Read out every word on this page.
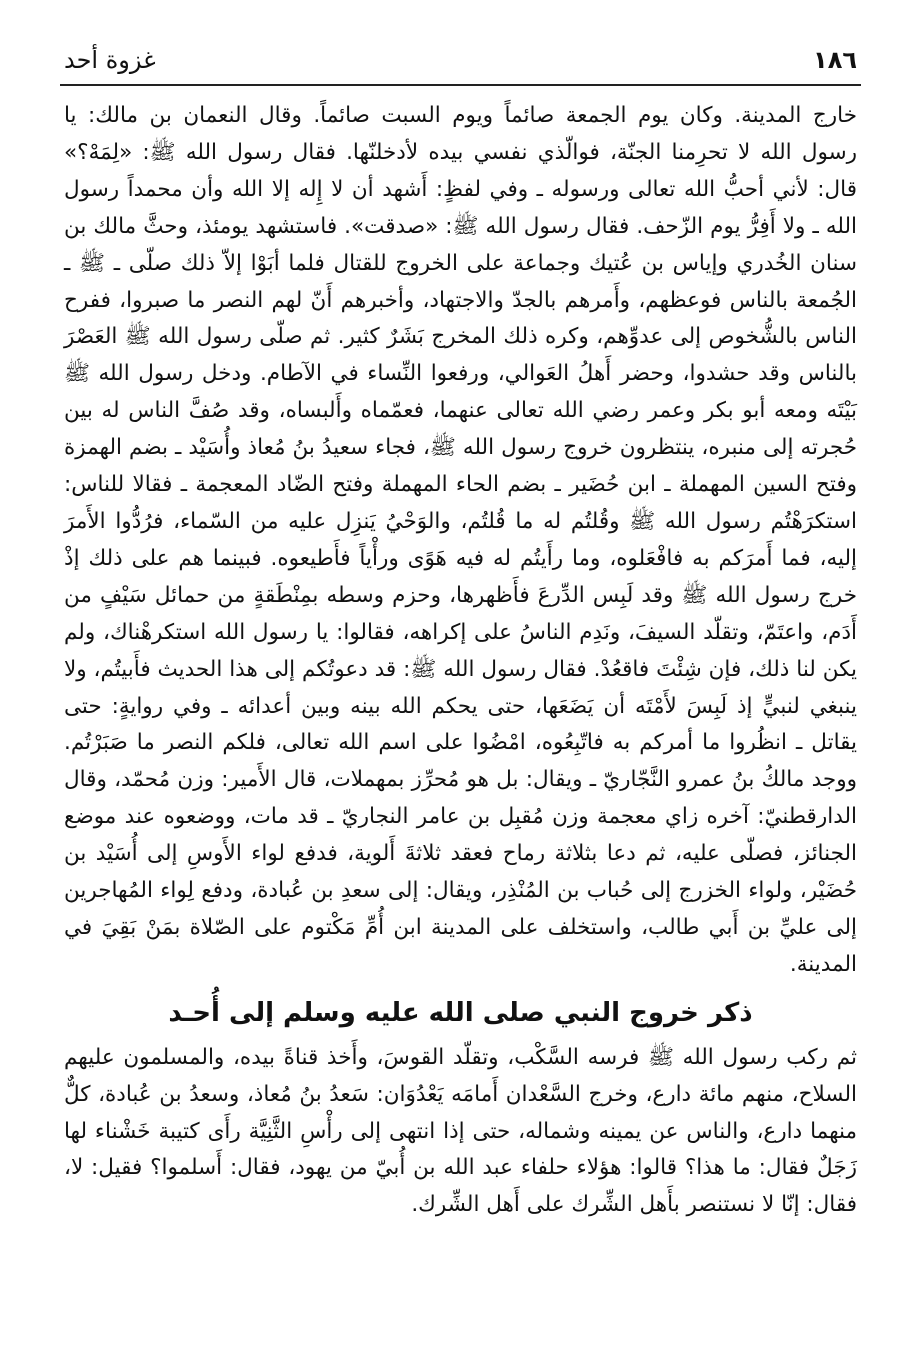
١٨٦
غزوة أحد

خارج المدينة. وكان يوم الجمعة صائماً ويوم السبت صائماً. وقال النعمان بن مالك: يا رسول الله لا تحرِمنا الجنّة، فوالّذي نفسي بيده لأدخلنّها. فقال رسول الله ﷺ: «لِمَهْ؟» قال: لأني أحبُّ الله تعالى ورسوله ـ وفي لفظٍ: أَشهد أن لا إِله إلا الله وأن محمداً رسول الله ـ ولا أَفِرُّ يوم الزّحف. فقال رسول الله ﷺ: «صدقت». فاستشهد يومئذ، وحثَّ مالك بن سنان الخُدري وإياس بن عُتيك وجماعة على الخروج للقتال فلما أبَوْا إلاّ ذلك صلّى ـ ﷺ ـ الجُمعة بالناس فوعظهم، وأَمرهم بالجدّ والاجتهاد، وأخبرهم أَنّ لهم النصر ما صبروا، ففرح الناس بالشُّخوص إلى عدوِّهم، وكره ذلك المخرج بَشَرٌ كثير. ثم صلّى رسول الله ﷺ العَصْرَ بالناس وقد حشدوا، وحضر أَهلُ العَوالي، ورفعوا النِّساء في الآطام. ودخل رسول الله ﷺ بَيْتَه ومعه أبو بكر وعمر رضي الله تعالى عنهما، فعمّماه وأَلبساه، وقد صُفَّ الناس له بين حُجرته إلى منبره، ينتظرون خروج رسول الله ﷺ، فجاء سعيدُ بنُ مُعاذ وأُسَيْد ـ بضم الهمزة وفتح السين المهملة ـ ابن حُضَير ـ بضم الحاء المهملة وفتح الضّاد المعجمة ـ فقالا للناس: استكرَهْتُم رسول الله ﷺ وقُلتُم له ما قُلتُم، والوَحْيُ يَنزِل عليه من السّماء، فرُدُّوا الأَمرَ إليه، فما أَمرَكم به فافْعَلوه، وما رأَيتُم له فيه هَوًى ورأْياً فأَطيعوه. فبينما هم على ذلك إذْ خرج رسول الله ﷺ وقد لَبِس الدِّرعَ فأَظهرها، وحزم وسطه بمِنْطَقةٍ من حمائل سَيْفٍ من أَدَم، واعتَمّ، وتقلّد السيفَ، ونَدِم الناسُ على إكراهه، فقالوا: يا رسول الله استكرهْناك، ولم يكن لنا ذلك، فإن شِئْتَ فاقعُدْ. فقال رسول الله ﷺ: قد دعوتُكم إلى هذا الحديث فأَبيتُم، ولا ينبغي لنبيٍّ إذ لَبِسَ لأَمْتَه أن يَضَعَها، حتى يحكم الله بينه وبين أعدائه ـ وفي روايةٍ: حتى يقاتل ـ انظُروا ما أمركم به فاتّبِعُوه، امْضُوا على اسم الله تعالى، فلكم النصر ما صَبَرْتُم. ووجد مالكُ بنُ عمرو النَّجّاريّ ـ ويقال: بل هو مُحرِّز بمهملات، قال الأَمير: وزن مُحمّد، وقال الدارقطنيّ: آخره زاي معجمة وزن مُقبِل بن عامر النجاريّ ـ قد مات، ووضعوه عند موضع الجنائز، فصلّى عليه، ثم دعا بثلاثة رماح فعقد ثلاثةَ أَلوية، فدفع لواء الأَوسِ إلى أُسَيْد بن حُضَيْر، ولواء الخزرج إلى حُباب بن المُنْذِر، ويقال: إلى سعدِ بن عُبادة، ودفع لِواء المُهاجرين إلى عليِّ بن أَبي طالب، واستخلف على المدينة ابن أُمِّ مَكْتوم على الصّلاة بمَنْ بَقِيَ في المدينة.

ذكر خروج النبي صلى الله عليه وسلم إلى أُحـد

ثم ركب رسول الله ﷺ فرسه السَّكْب، وتقلّد القوسَ، وأَخذ قناةً بيده، والمسلمون عليهم السلاح، منهم مائة دارع، وخرج السَّعْدان أَمامَه يَعْدُوَان: سَعدُ بنُ مُعاذ، وسعدُ بن عُبادة، كلٌّ منهما دارع، والناس عن يمينه وشماله، حتى إذا انتهى إلى رأْسِ الثَّنِيَّة رأَى كتيبة خَشْناء لها زَجَلٌ فقال: ما هذا؟ قالوا: هؤلاء حلفاء عبد الله بن أُبيّ من يهود، فقال: أَسلموا؟ فقيل: لا، فقال: إنّا لا نستنصر بأَهل الشِّرك على أَهل الشِّرك.
